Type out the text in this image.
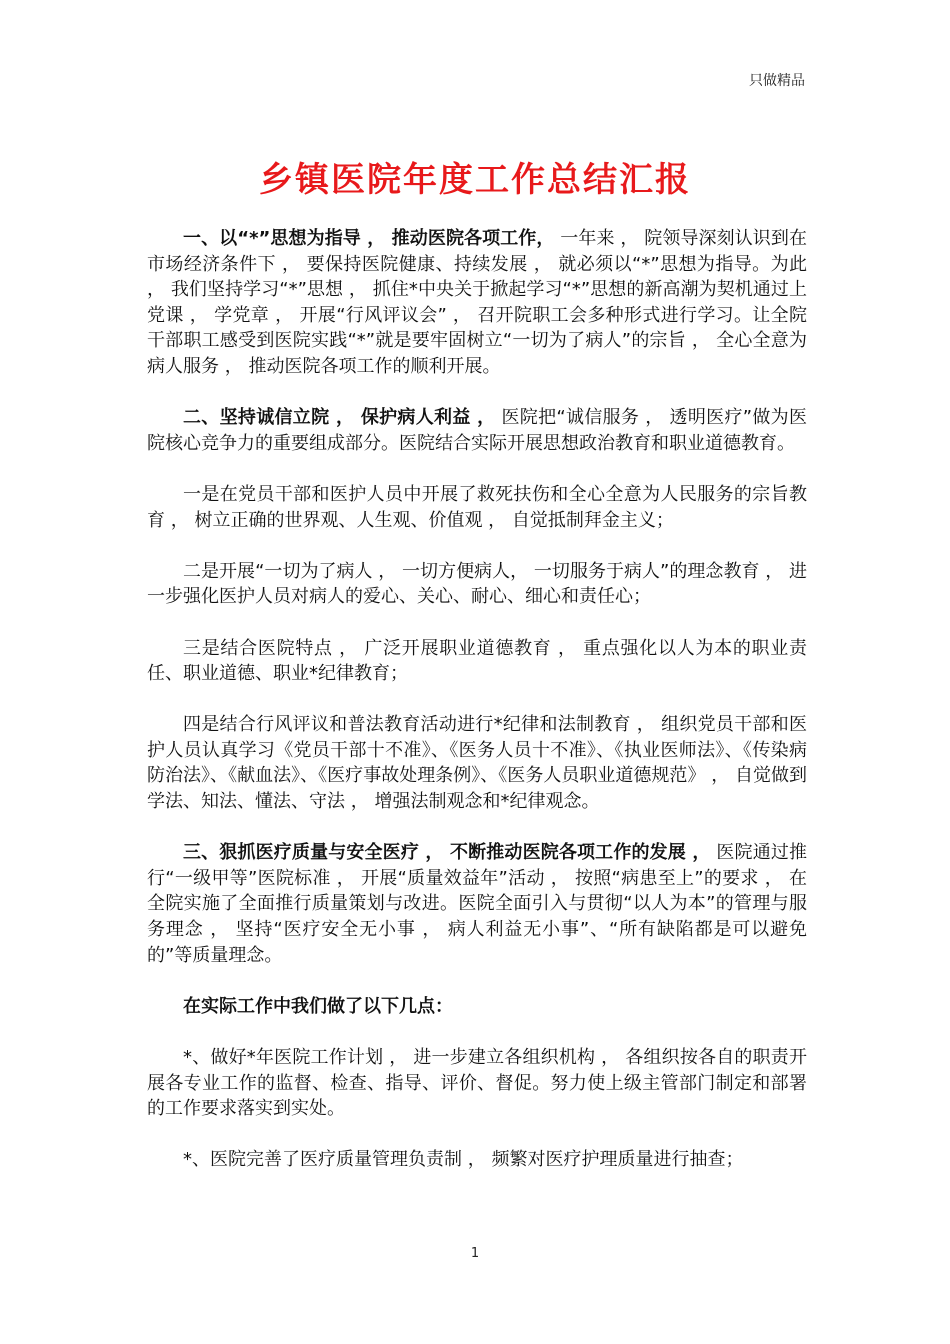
只做精品
乡镇医院年度工作总结汇报

一、以“*”思想为指导 ， 推动医院各项工作， 一年来 ， 院领导深刻认识到在市场经济条件下 ， 要保持医院健康、持续发展 ， 就必须以“*”思想为指导。为此 ， 我们坚持学习“*”思想 ， 抓住*中央关于掀起学习“*”思想的新高潮为契机通过上党课 ， 学党章 ， 开展“行风评议会” ， 召开院职工会多种形式进行学习。让全院干部职工感受到医院实践“*”就是要牢固树立“一切为了病人”的宗旨 ， 全心全意为病人服务 ， 推动医院各项工作的顺利开展。

二、坚持诚信立院 ， 保护病人利益 ， 医院把“诚信服务 ， 透明医疗”做为医院核心竞争力的重要组成部分。医院结合实际开展思想政治教育和职业道德教育。

一是在党员干部和医护人员中开展了救死扶伤和全心全意为人民服务的宗旨教育 ， 树立正确的世界观、人生观、价值观 ， 自觉抵制拜金主义；

二是开展“一切为了病人 ， 一切方便病人， 一切服务于病人”的理念教育 ， 进一步强化医护人员对病人的爱心、关心、耐心、细心和责任心；

三是结合医院特点 ， 广泛开展职业道德教育 ， 重点强化以人为本的职业责任、职业道德、职业*纪律教育；

四是结合行风评议和普法教育活动进行*纪律和法制教育 ， 组织党员干部和医护人员认真学习《党员干部十不准》、《医务人员十不准》、《执业医师法》、《传染病防治法》、《献血法》、《医疗事故处理条例》、《医务人员职业道德规范》 ， 自觉做到学法、知法、懂法、守法 ， 增强法制观念和*纪律观念。

三、狠抓医疗质量与安全医疗 ， 不断推动医院各项工作的发展 ， 医院通过推行“一级甲等”医院标准 ， 开展“质量效益年”活动 ， 按照“病患至上”的要求 ， 在全院实施了全面推行质量策划与改进。医院全面引入与贯彻“以人为本”的管理与服务理念 ， 坚持“医疗安全无小事 ， 病人利益无小事”、“所有缺陷都是可以避免的”等质量理念。

在实际工作中我们做了以下几点：

*、做好*年医院工作计划 ， 进一步建立各组织机构 ， 各组织按各自的职责开展各专业工作的监督、检查、指导、评价、督促。努力使上级主管部门制定和部署的工作要求落实到实处。

*、医院完善了医疗质量管理负责制 ， 频繁对医疗护理质量进行抽查；

1
